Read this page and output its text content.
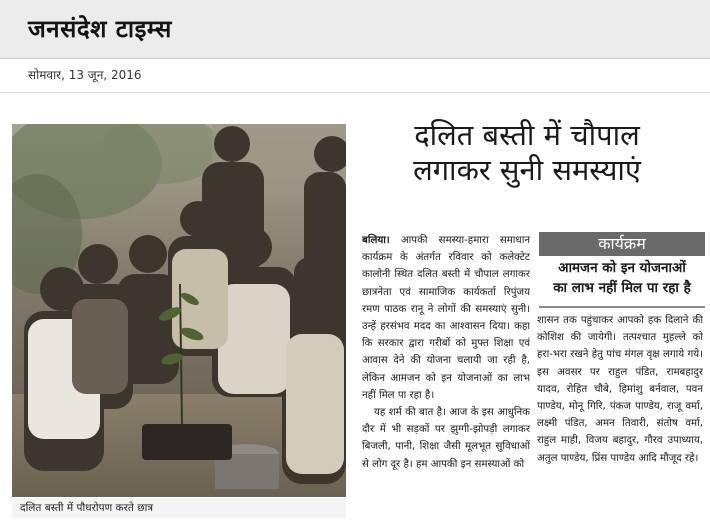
जनसंदेश टाइम्स
सोमवार, 13 जून, 2016
दलित बस्ती में पौधरोपण करते छात्र
दलित बस्ती में चौपाल
लगाकर सुनी समस्याएं

बलिया। आपकी समस्या-हमारा समाधान कार्यक्रम के अंतर्गत रविवार को कलेक्टेट कालोनी स्थित दलित बस्ती में चौपाल लगाकर छात्रनेता एवं सामाजिक कार्यकर्ता रिपुंजय रमण पाठक रानू ने लोगों की समस्याएं सुनी। उन्हें हरसंभव मदद का आश्वासन दिया। कहा कि सरकार द्वारा गरीबों को मुफ्त शिक्षा एवं आवास देने की योजना चलायी जा रही है, लेकिन आमजन को इन योजनाओं का लाभ नहीं मिल पा रहा है।

यह शर्म की बात है। आज के इस आधुनिक दौर में भी सड़कों पर झुग्गी-झोपड़ी लगाकर बिजली, पानी, शिक्षा जैसी मूलभूत सुविधाओं से लोग दूर है। हम आपकी इन समस्याओं को

कार्यक्रम
आमजन को इन योजनाओं
का लाभ नहीं मिल पा रहा है

शासन तक पहुंचाकर आपको हक दिलाने की कोशिश की जायेगी। तत्पश्चात मुहल्ले को हरा-भरा रखने हेतु पांच मंगल वृक्ष लगाये गये। इस अवसर पर राहुल पंडित, रामबहादुर यादव, रोहित चौबे, हिमांशु बर्नवाल, पवन पाण्डेय, मोनू गिरि, पंकज पाण्डेय, राजू वर्मा, लक्ष्मी पंडित, अमन तिवारी, संतोष वर्मा, राहुल माही, विजय बहादुर, गौरव उपाध्याय, अतुल पाण्डेय, प्रिंस पाण्डेय आदि मौजूद रहे।
